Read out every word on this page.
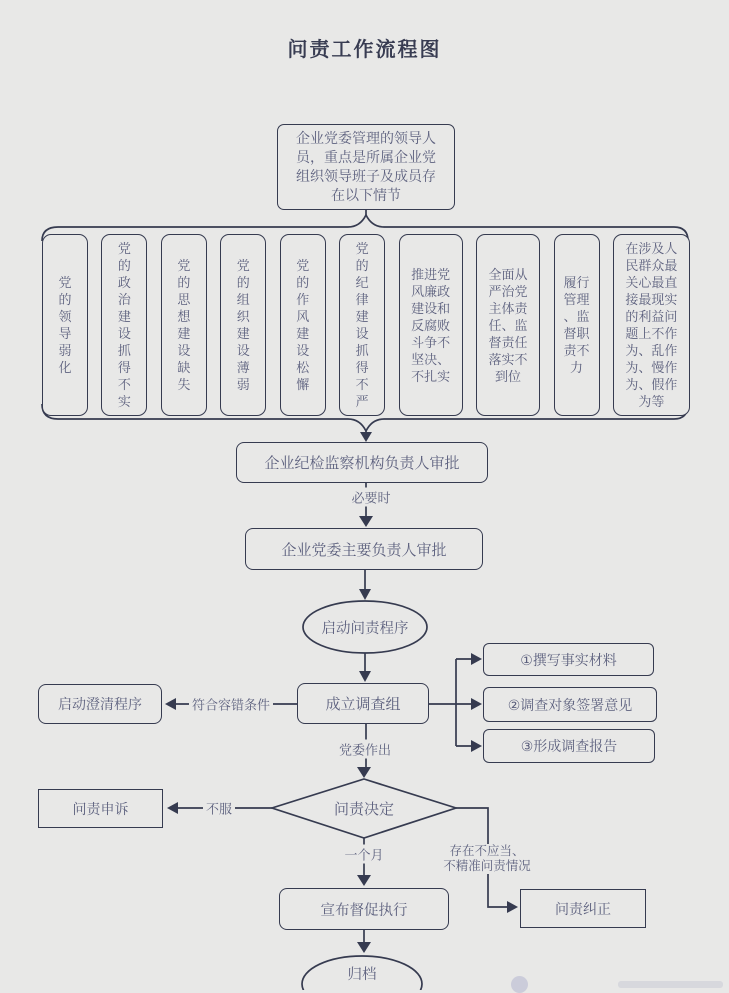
问责工作流程图
企业党委管理的领导人员，重点是所属企业党组织领导班子及成员存在以下情节
党的领导弱化
党的政治建设抓得不实
党的思想建设缺失
党的组织建设薄弱
党的作风建设松懈
党的纪律建设抓得不严
推进党风廉政建设和反腐败斗争不坚决、不扎实
全面从严治党主体责任、监督责任落实不到位
履行管理、监督职责不力
在涉及人民群众最关心最直接最现实的利益问题上不作为、乱作为、慢作为、假作为等
企业纪检监察机构负责人审批
企业党委主要负责人审批
启动澄清程序	成立调查组
①撰写事实材料
②调查对象签署意见
③形成调查报告
问责申诉
宣布督促执行	问责纠正
启动问责程序
问责决定
归档
必要时
符合容错条件
党委作出
不服
一个月	存在不应当、
不精准问责情况
